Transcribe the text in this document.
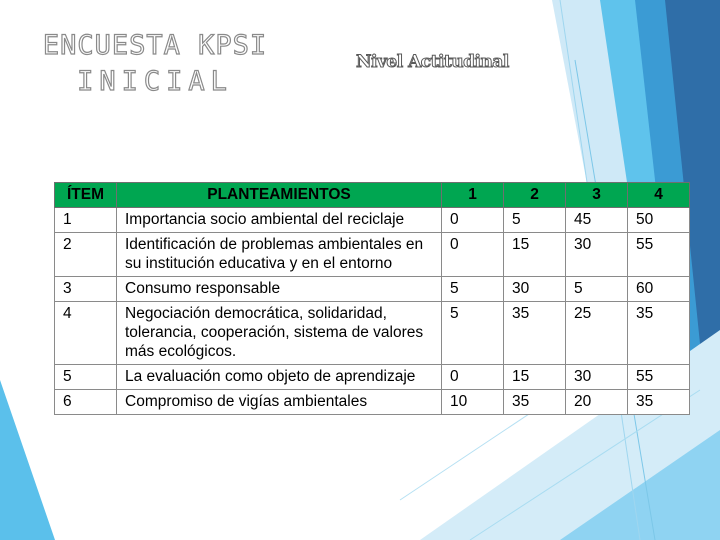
ENCUESTA KPSI
INICIAL
Nivel Actitudinal
ÍTEM	PLANTEAMIENTOS	1	2	3	4
1	Importancia socio ambiental del reciclaje	0	5	45	50
2	Identificación de problemas ambientales en su institución educativa y en el entorno	0	15	30	55
3	Consumo responsable	5	30	5	60
4	Negociación democrática, solidaridad, tolerancia, cooperación, sistema de valores más ecológicos.	5	35	25	35
5	La evaluación como objeto de aprendizaje	0	15	30	55
6	Compromiso de vigías ambientales	10	35	20	35
